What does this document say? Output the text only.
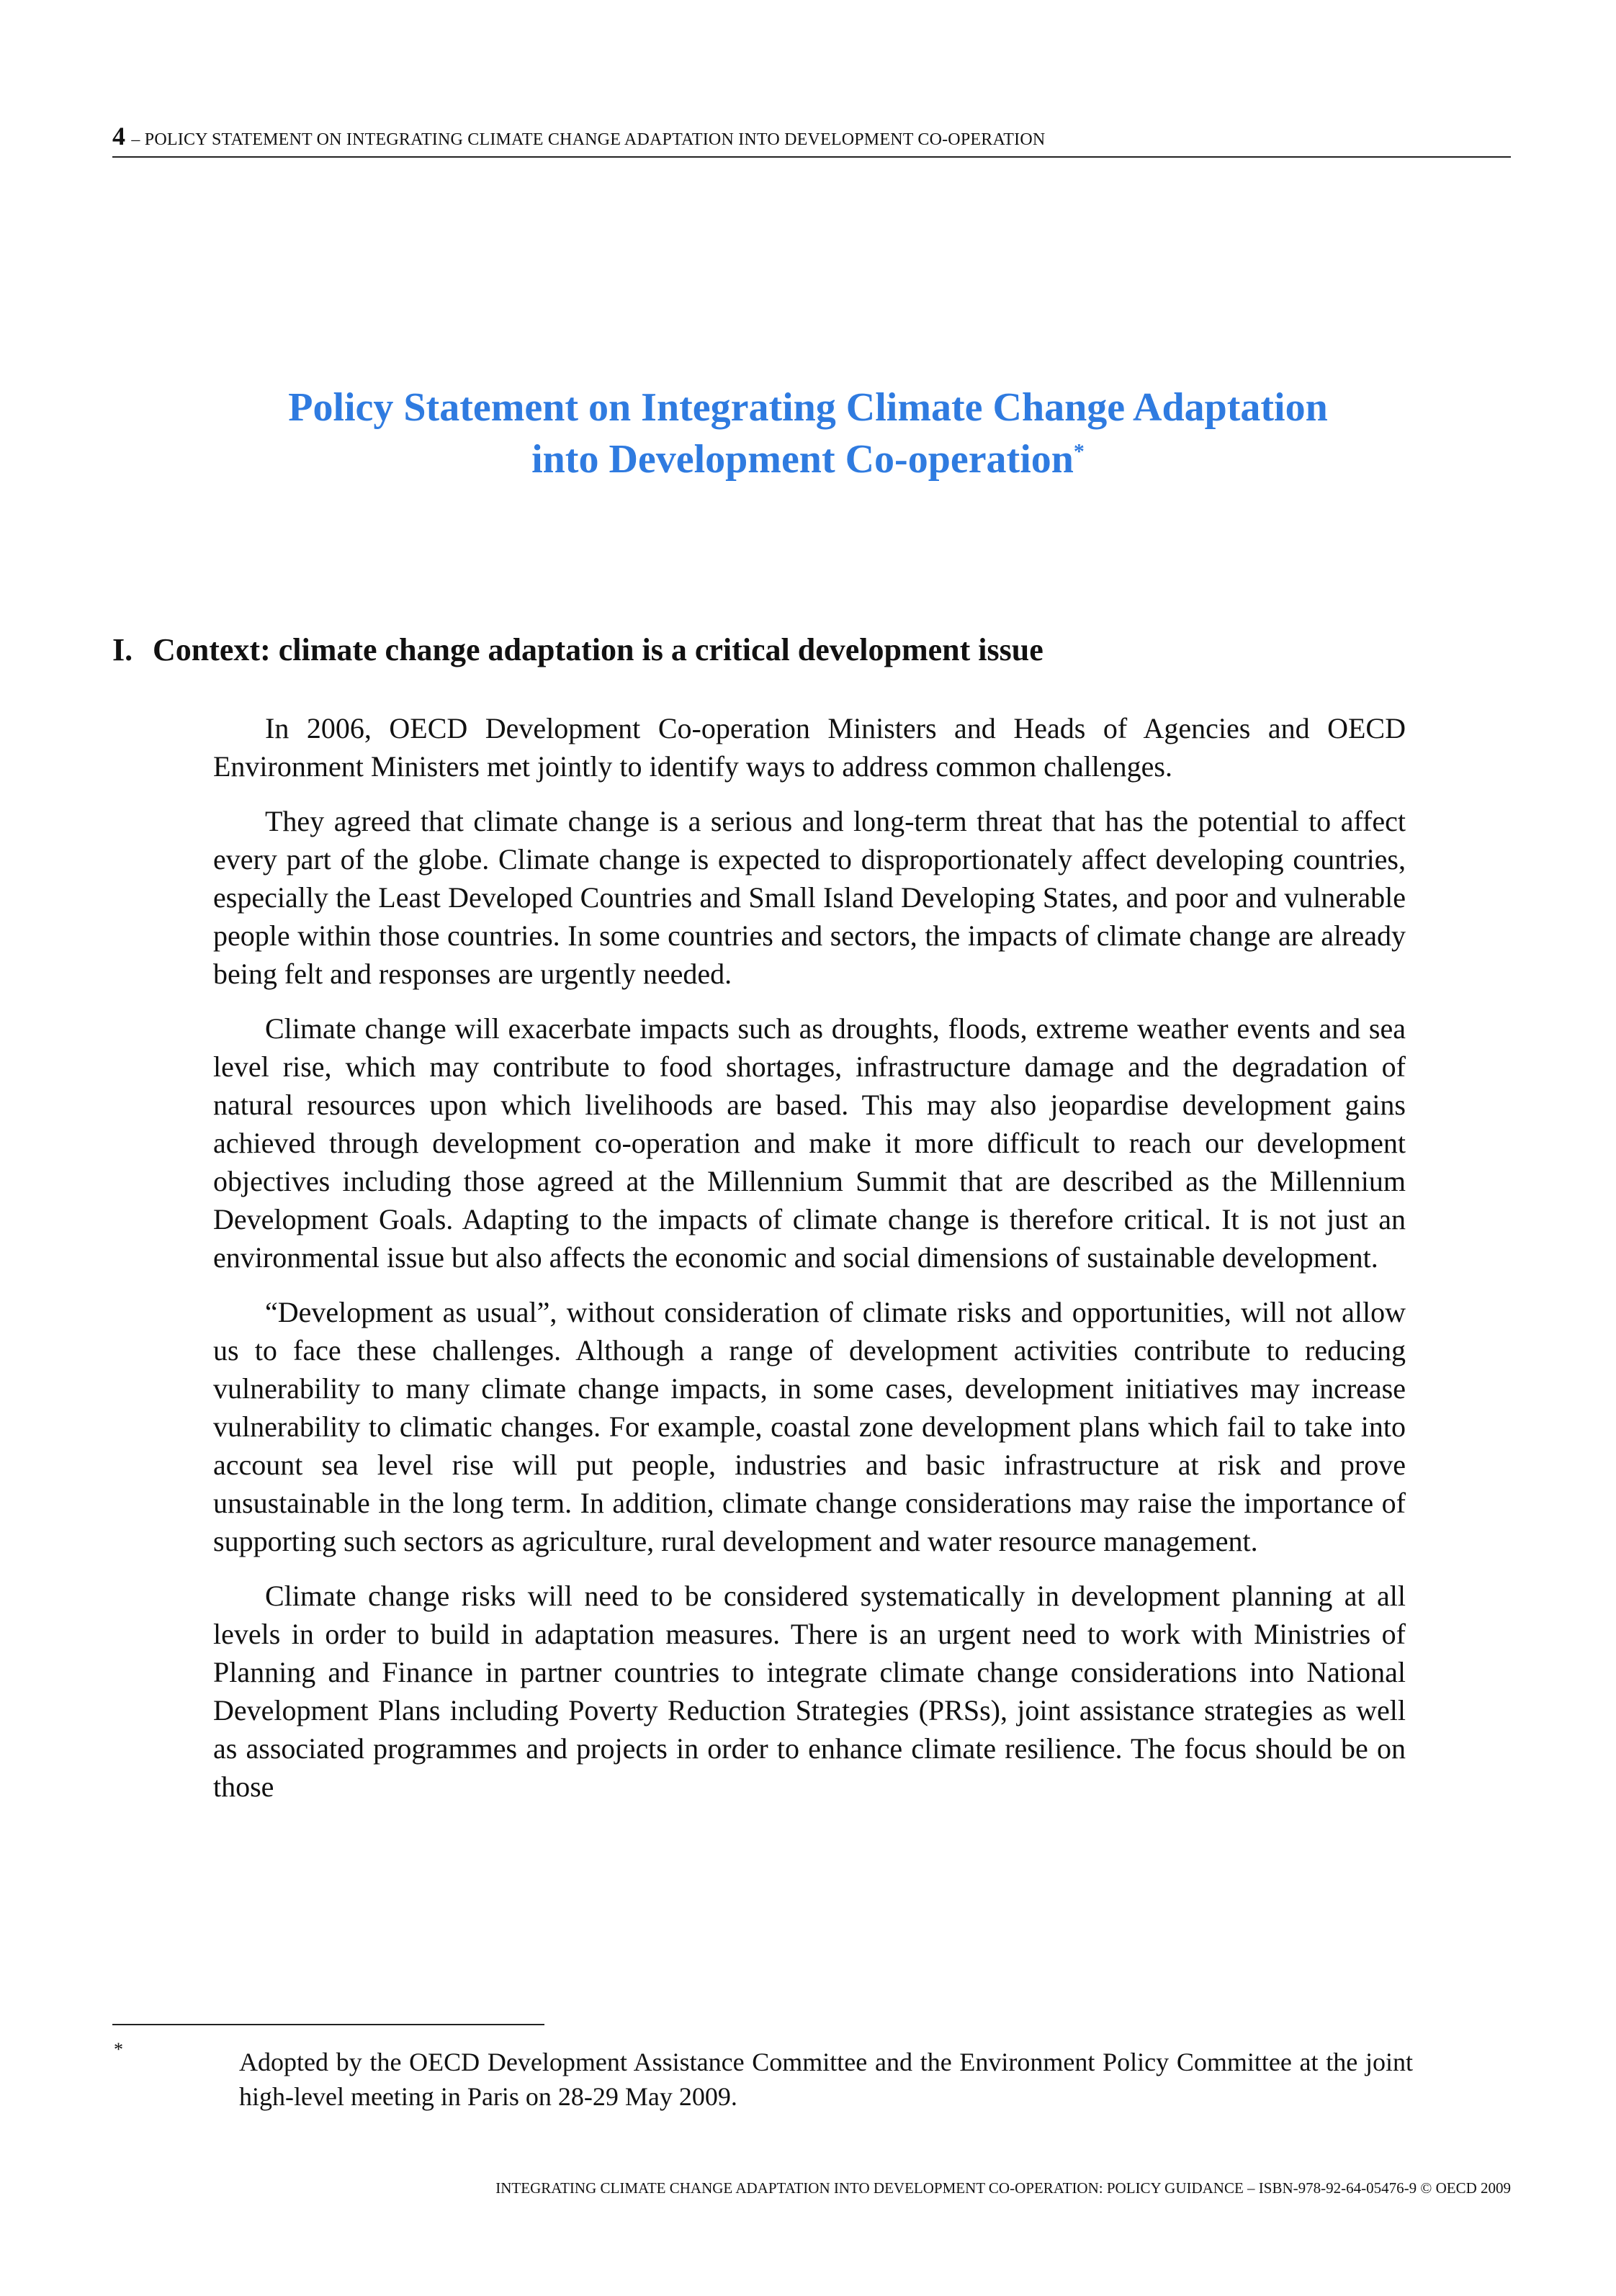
4 – POLICY STATEMENT ON INTEGRATING CLIMATE CHANGE ADAPTATION INTO DEVELOPMENT CO-OPERATION
Policy Statement on Integrating Climate Change Adaptation
into Development Co-operation*
I. Context: climate change adaptation is a critical development issue

In 2006, OECD Development Co-operation Ministers and Heads of Agencies and OECD Environment Ministers met jointly to identify ways to address common challenges.

They agreed that climate change is a serious and long-term threat that has the potential to affect every part of the globe. Climate change is expected to disproportionately affect developing countries, especially the Least Developed Countries and Small Island Developing States, and poor and vulnerable people within those countries. In some countries and sectors, the impacts of climate change are already being felt and responses are urgently needed.

Climate change will exacerbate impacts such as droughts, floods, extreme weather events and sea level rise, which may contribute to food shortages, infrastructure damage and the degradation of natural resources upon which livelihoods are based. This may also jeopardise development gains achieved through development co-operation and make it more difficult to reach our development objectives including those agreed at the Millennium Summit that are described as the Millennium Development Goals. Adapting to the impacts of climate change is therefore critical. It is not just an environmental issue but also affects the economic and social dimensions of sustainable development.

“Development as usual”, without consideration of climate risks and opportunities, will not allow us to face these challenges. Although a range of development activities contribute to reducing vulnerability to many climate change impacts, in some cases, development initiatives may increase vulnerability to climatic changes. For example, coastal zone development plans which fail to take into account sea level rise will put people, industries and basic infrastructure at risk and prove unsustainable in the long term. In addition, climate change considerations may raise the importance of supporting such sectors as agriculture, rural development and water resource management.

Climate change risks will need to be considered systematically in development planning at all levels in order to build in adaptation measures. There is an urgent need to work with Ministries of Planning and Finance in partner countries to integrate climate change considerations into National Development Plans including Poverty Reduction Strategies (PRSs), joint assistance strategies as well as associated programmes and projects in order to enhance climate resilience. The focus should be on those

*	Adopted by the OECD Development Assistance Committee and the Environment Policy Committee at the joint high-level meeting in Paris on 28-29 May 2009.
INTEGRATING CLIMATE CHANGE ADAPTATION INTO DEVELOPMENT CO-OPERATION: POLICY GUIDANCE – ISBN-978-92-64-05476-9 © OECD 2009
